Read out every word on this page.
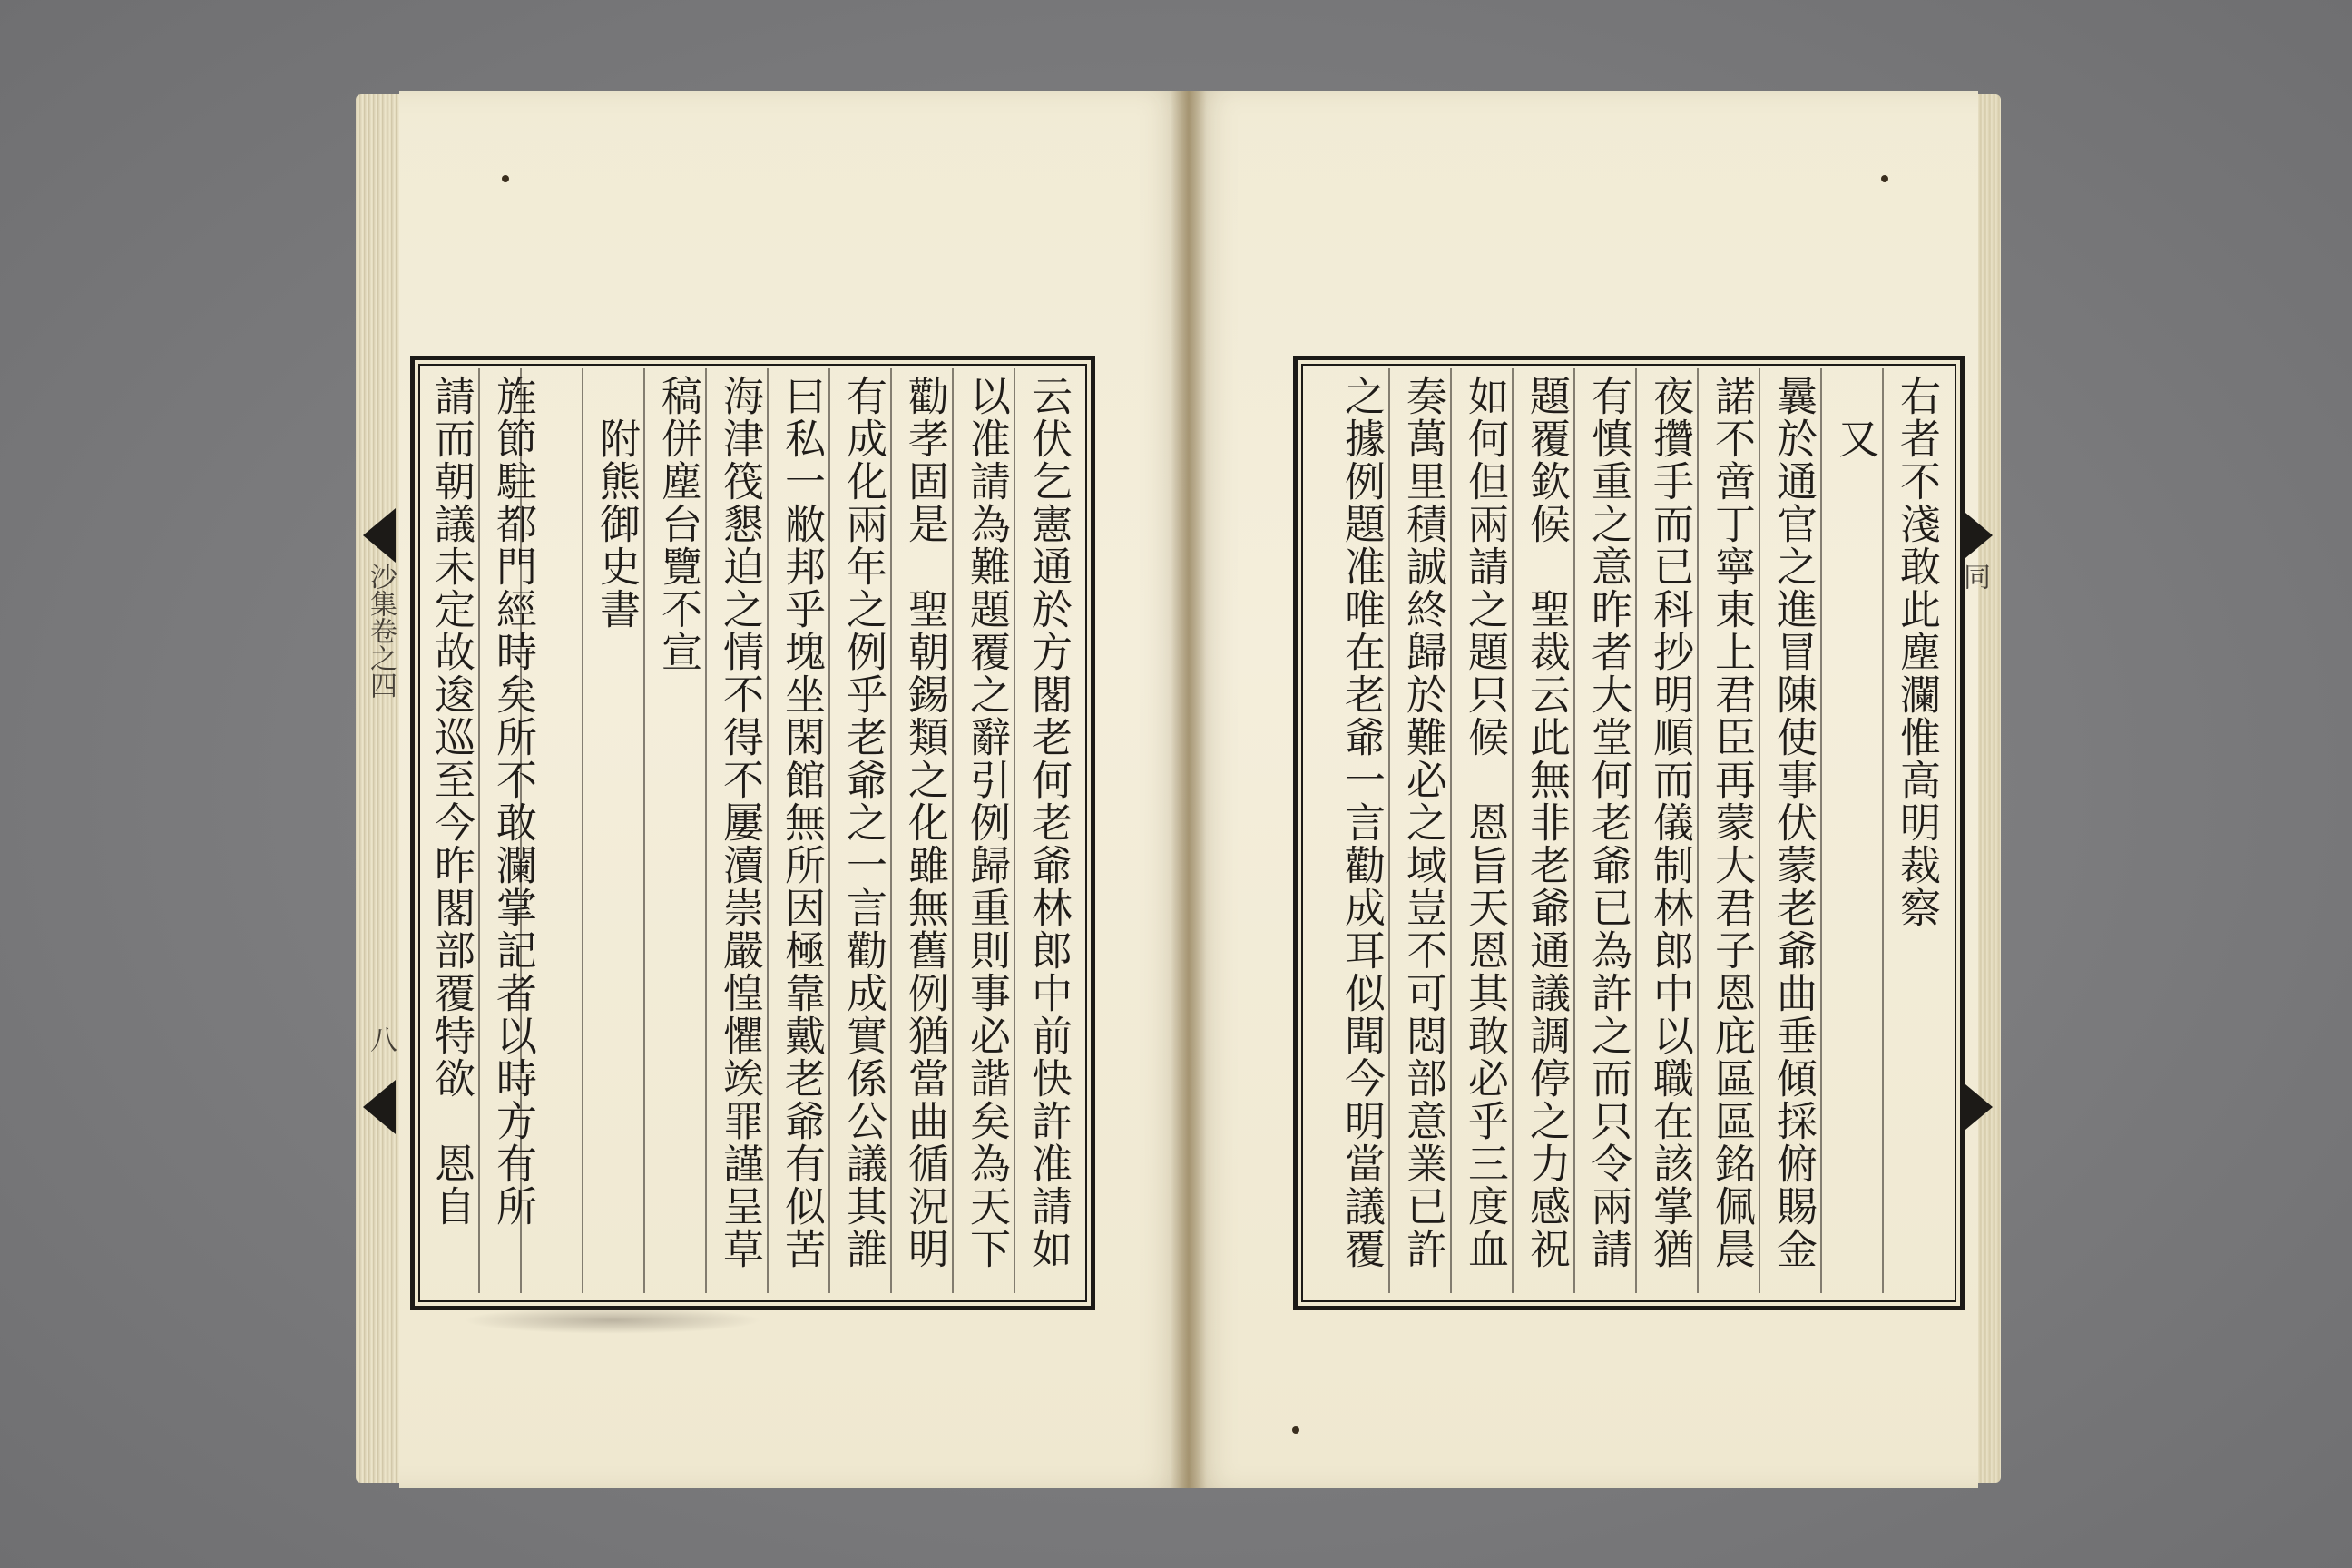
沙集卷之四
八
同
云伏乞憲通於方閣老何老爺林郎中前快許准請如
以准請為難題覆之辭引例歸重則事必諧矣為天下
勸孝固是　聖朝錫類之化雖無舊例猶當曲循況明
有成化兩年之例乎老爺之一言勸成實係公議其誰
曰私一敝邦乎塊坐閑館無所因極靠戴老爺有似苦
海津筏懇迫之情不得不屢瀆崇嚴惶懼竢罪謹呈草
稿併塵台覽不宣
　附熊御史書
旌節駐都門經時矣所不敢瀾掌記者以時方有所
請而朝議未定故逡巡至今昨閣部覆特欲　恩自	右者不淺敢此塵瀾惟高明裁察
　又
曩於通官之進冒陳使事伏蒙老爺曲垂傾採俯賜金
諾不啻丁寧東上君臣再蒙大君子恩庇區區銘佩晨
夜攢手而已科抄明順而儀制林郎中以職在該掌猶
有慎重之意昨者大堂何老爺已為許之而只令兩請
題覆欽候　聖裁云此無非老爺通議調停之力感祝
如何但兩請之題只候　恩旨天恩其敢必乎三度血
奏萬里積誠終歸於難必之域豈不可悶部意業已許
之據例題准唯在老爺一言勸成耳似聞今明當議覆
